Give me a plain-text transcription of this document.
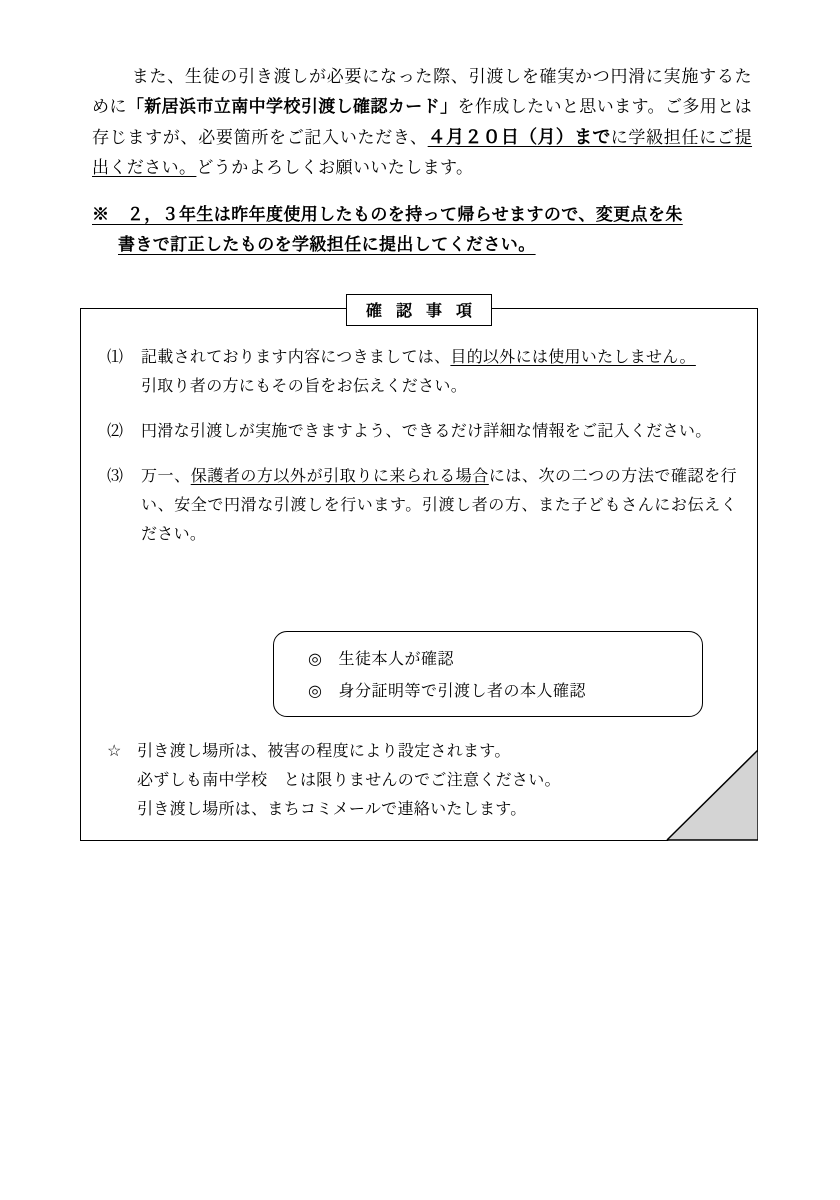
　また、生徒の引き渡しが必要になった際、引渡しを確実かつ円滑に実施するために「新居浜市立南中学校引渡し確認カード」を作成したいと思います。ご多用とは存じますが、必要箇所をご記入いただき、４月２０日（月）までに学級担任にご提出ください。どうかよろしくお願いいたします。

※　２，３年生は昨年度使用したものを持って帰らせますので、変更点を朱

書きで訂正したものを学級担任に提出してください。

確 認 事 項
⑴	記載されております内容につきましては、目的以外には使用いたしません。
引取り者の方にもその旨をお伝えください。
⑵	円滑な引渡しが実施できますよう、できるだけ詳細な情報をご記入ください。
⑶	万一、保護者の方以外が引取りに来られる場合には、次の二つの方法で確認を行い、安全で円滑な引渡しを行います。引渡し者の方、また子どもさんにお伝えください。
◎ 生徒本人が確認
◎ 身分証明等で引渡し者の本人確認
☆ 引き渡し場所は、被害の程度により設定されます。
必ずしも南中学校　とは限りませんのでご注意ください。
引き渡し場所は、まちコミメールで連絡いたします。
